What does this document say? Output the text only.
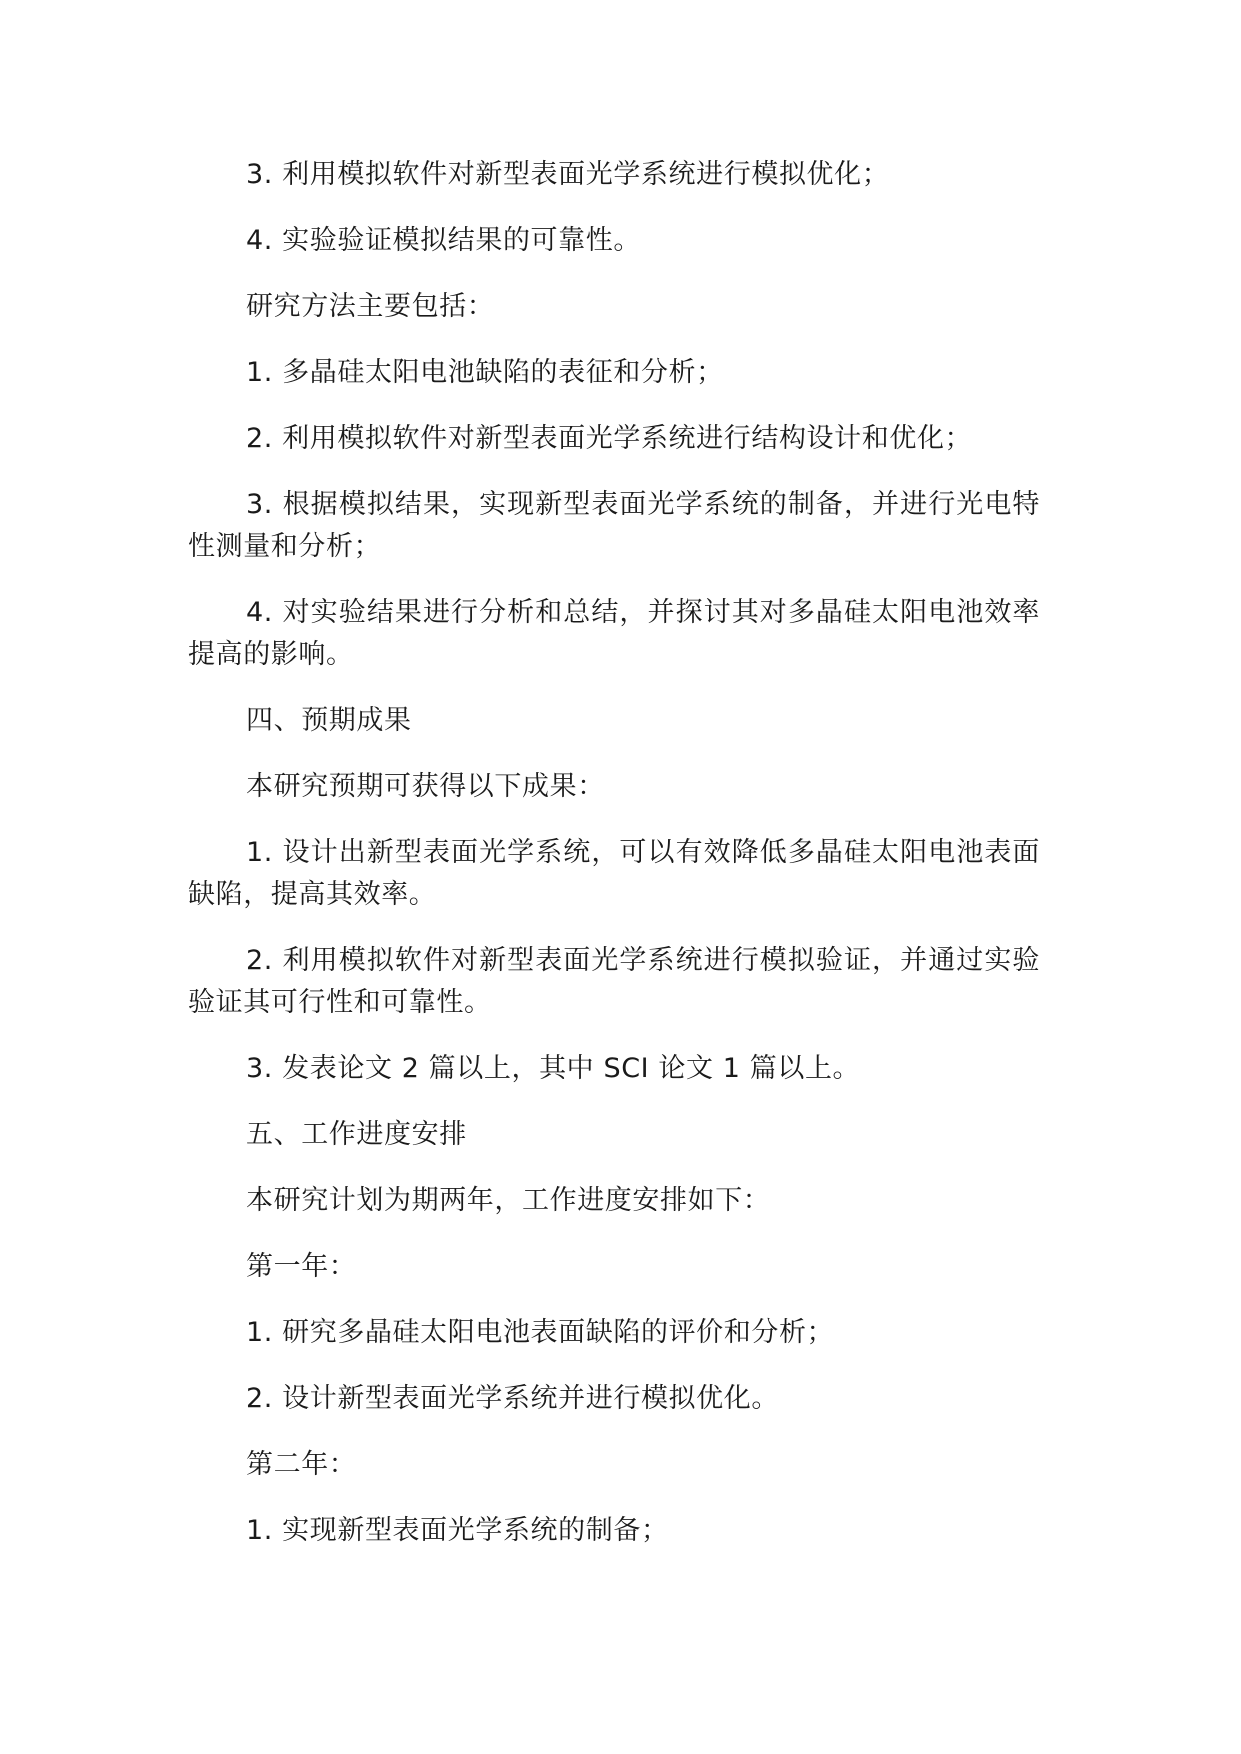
3. 利用模拟软件对新型表面光学系统进行模拟优化；

4. 实验验证模拟结果的可靠性。

研究方法主要包括：

1. 多晶硅太阳电池缺陷的表征和分析；

2. 利用模拟软件对新型表面光学系统进行结构设计和优化；

3. 根据模拟结果，实现新型表面光学系统的制备，并进行光电特性测量和分析；

4. 对实验结果进行分析和总结，并探讨其对多晶硅太阳电池效率提高的影响。

四、预期成果

本研究预期可获得以下成果：

1. 设计出新型表面光学系统，可以有效降低多晶硅太阳电池表面缺陷，提高其效率。

2. 利用模拟软件对新型表面光学系统进行模拟验证，并通过实验验证其可行性和可靠性。

3. 发表论文 2 篇以上，其中 SCI 论文 1 篇以上。

五、工作进度安排

本研究计划为期两年，工作进度安排如下：

第一年：

1. 研究多晶硅太阳电池表面缺陷的评价和分析；

2. 设计新型表面光学系统并进行模拟优化。

第二年：

1. 实现新型表面光学系统的制备；
